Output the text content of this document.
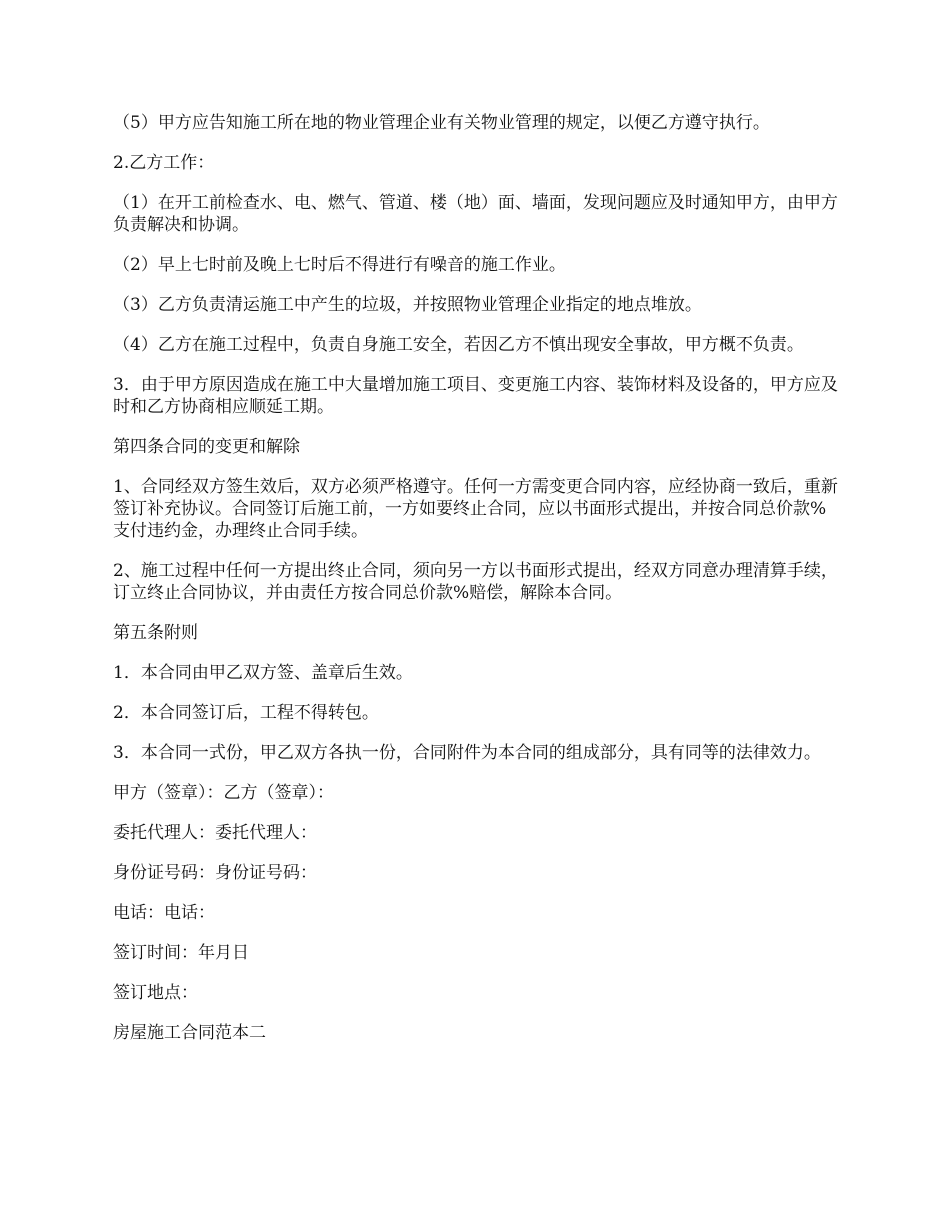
（5）甲方应告知施工所在地的物业管理企业有关物业管理的规定，以便乙方遵守执行。

2.乙方工作：

（1）在开工前检查水、电、燃气、管道、楼（地）面、墙面，发现问题应及时通知甲方，由甲方负责解决和协调。

（2）早上七时前及晚上七时后不得进行有噪音的施工作业。

（3）乙方负责清运施工中产生的垃圾，并按照物业管理企业指定的地点堆放。

（4）乙方在施工过程中，负责自身施工安全，若因乙方不慎出现安全事故，甲方概不负责。

3．由于甲方原因造成在施工中大量增加施工项目、变更施工内容、装饰材料及设备的，甲方应及时和乙方协商相应顺延工期。

第四条合同的变更和解除

1、合同经双方签生效后，双方必须严格遵守。任何一方需变更合同内容，应经协商一致后，重新签订补充协议。合同签订后施工前，一方如要终止合同，应以书面形式提出，并按合同总价款%支付违约金，办理终止合同手续。

2、施工过程中任何一方提出终止合同，须向另一方以书面形式提出，经双方同意办理清算手续，订立终止合同协议，并由责任方按合同总价款%赔偿，解除本合同。

第五条附则

1．本合同由甲乙双方签、盖章后生效。

2．本合同签订后，工程不得转包。

3．本合同一式份，甲乙双方各执一份，合同附件为本合同的组成部分，具有同等的法律效力。

甲方（签章）：乙方（签章）：

委托代理人：委托代理人：

身份证号码：身份证号码：

电话：电话：

签订时间：年月日

签订地点：

房屋施工合同范本二
